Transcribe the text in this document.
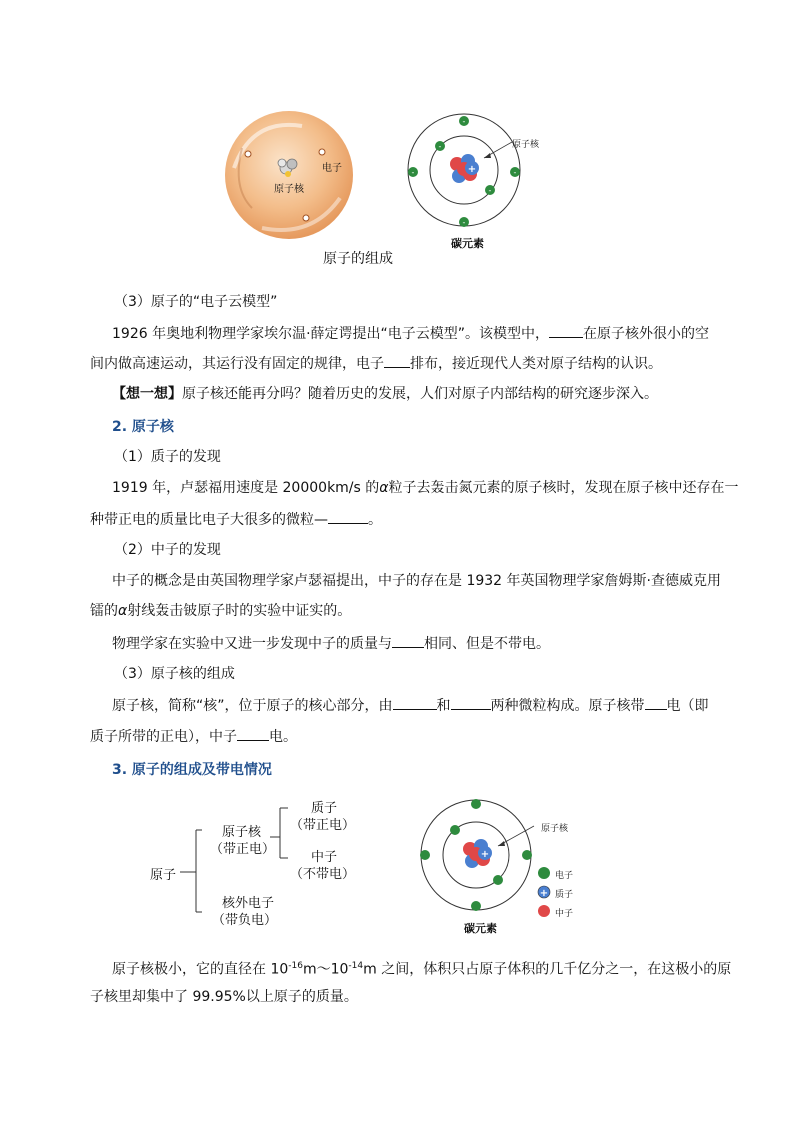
电子
原子核
-
-
-	-
-
-
+
原子核
碳元素
原子的组成
（3）原子的“电子云模型”
1926 年奥地利物理学家埃尔温·薛定谔提出“电子云模型”。该模型中， 在原子核外很小的空
间内做高速运动，其运行没有固定的规律，电子 排布，接近现代人类对原子结构的认识。
【想一想】原子核还能再分吗？随着历史的发展，人们对原子内部结构的研究逐步深入。
2. 原子核
（1）质子的发现
1919 年，卢瑟福用速度是 20000km/s 的α粒子去轰击氮元素的原子核时，发现在原子核中还存在一
种带正电的质量比电子大很多的微粒—	。
（2）中子的发现
中子的概念是由英国物理学家卢瑟福提出，中子的存在是 1932 年英国物理学家詹姆斯·查德威克用
镭的α射线轰击铍原子时的实验中证实的。
物理学家在实验中又进一步发现中子的质量与 相同、但是不带电。
（3）原子核的组成
原子核，简称“核”，位于原子的核心部分，由	和	两种微粒构成。原子核带 电（即
质子所带的正电），中子 电。
3. 原子的组成及带电情况
原子
原子核
（带正电）
质子
（带正电）
中子
（不带电）
核外电子
（带负电）
+
原子核
碳元素
+
电子
质子
中子
原子核极小，它的直径在 $10^{-16}m\sim 10^{-14}m$ 之间，体积只占原子体积的几千亿分之一，在这极小的原
子核里却集中了 99.95%以上原子的质量。
